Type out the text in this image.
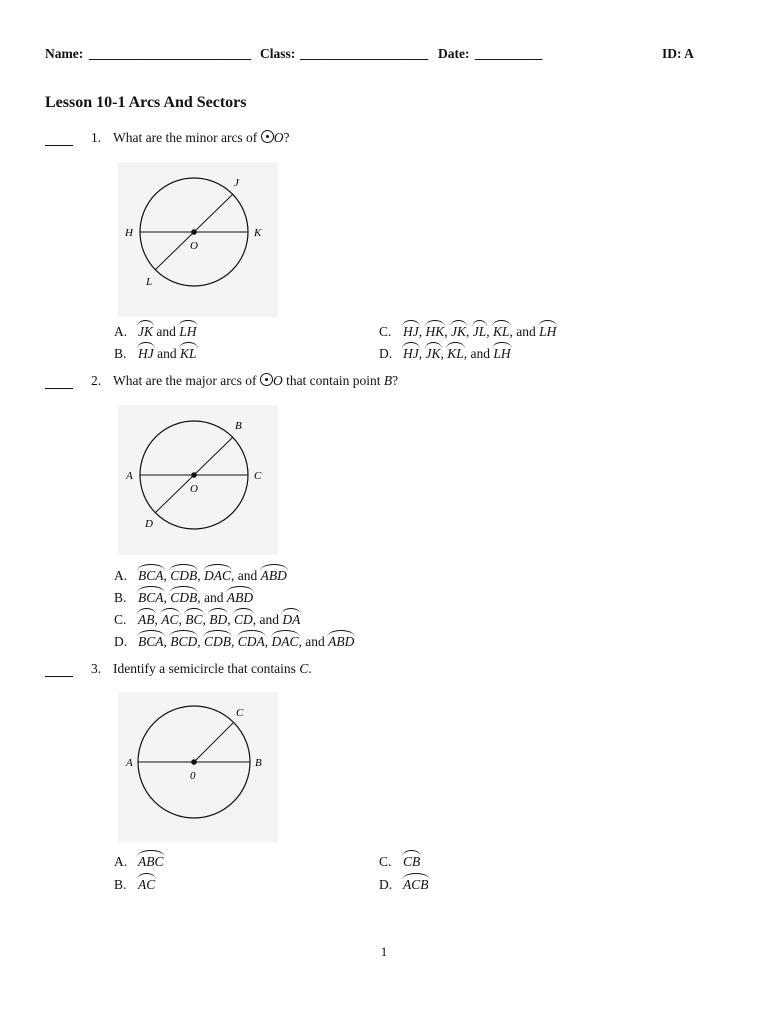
Name: ________________________ Class: ___________________ Date: __________	ID: A
Lesson 10-1 Arcs And Sectors
1. What are the minor arcs of O?
J
H	K
L
O
A. JK and LH
B. HJ and KL
C. HJ, HK, JK, JL, KL, and LH
D. HJ, JK, KL, and LH
2. What are the major arcs of O that contain point B?
B
A	C
D
O
A. BCA, CDB, DAC, and ABD
B. BCA, CDB, and ABD
C. AB, AC, BC, BD, CD, and DA
D. BCA, BCD, CDB, CDA, DAC, and ABD
3. Identify a semicircle that contains C.
C
A	B
0
A. ABC
B. AC
C. CB
D. ACB
1
